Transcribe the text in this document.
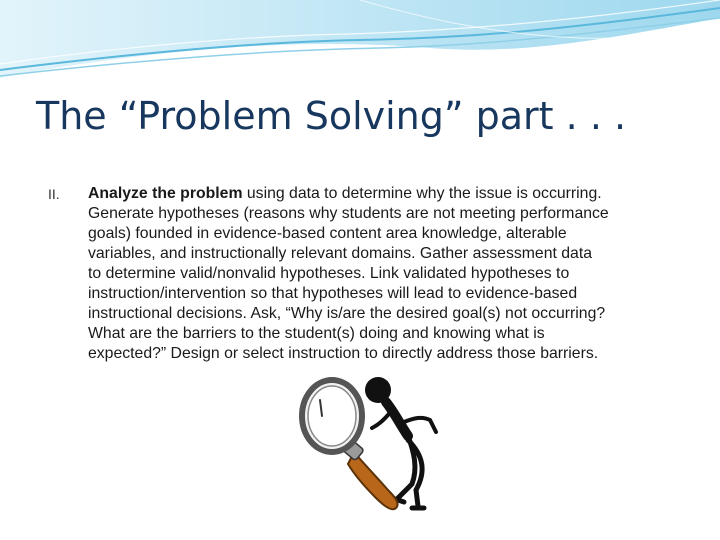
The “Problem Solving” part . . .
II. Analyze the problem using data to determine why the issue is occurring.
Generate hypotheses (reasons why students are not meeting performance
goals) founded in evidence-based content area knowledge, alterable
variables, and instructionally relevant domains. Gather assessment data
to determine valid/nonvalid hypotheses. Link validated hypotheses to
instruction/intervention so that hypotheses will lead to evidence-based
instructional decisions. Ask, “Why is/are the desired goal(s) not occurring?
What are the barriers to the student(s) doing and knowing what is
expected?” Design or select instruction to directly address those barriers.
